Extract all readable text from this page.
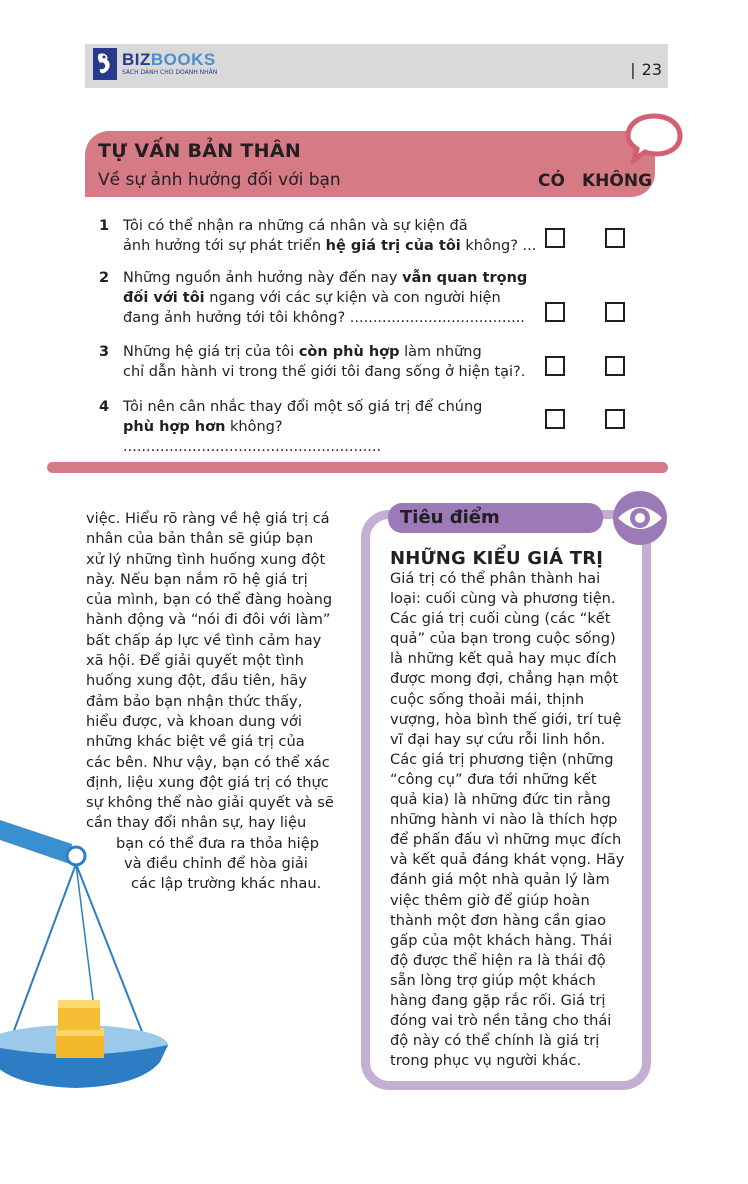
BIZBOOKS
SÁCH DÀNH CHO DOANH NHÂN	| 23
TỰ VẤN BẢN THÂN
Về sự ảnh hưởng đối với bạn	CÓ KHÔNG
1 Tôi có thể nhận ra những cá nhân và sự kiện đã
ảnh hưởng tới sự phát triển hệ giá trị của tôi không? ...
2 Những nguồn ảnh hưởng này đến nay vẫn quan trọng
đối với tôi ngang với các sự kiện và con người hiện
đang ảnh hưởng tới tôi không? ......................................
3 Những hệ giá trị của tôi còn phù hợp làm những
chỉ dẫn hành vi trong thế giới tôi đang sống ở hiện tại?.
4 Tôi nên cân nhắc thay đổi một số giá trị để chúng
phù hợp hơn không? ........................................................
việc. Hiểu rõ ràng về hệ giá trị cá
nhân của bản thân sẽ giúp bạn
xử lý những tình huống xung đột
này. Nếu bạn nắm rõ hệ giá trị
của mình, bạn có thể đàng hoàng
hành động và “nói đi đôi với làm”
bất chấp áp lực về tình cảm hay
xã hội. Để giải quyết một tình
huống xung đột, đầu tiên, hãy
đảm bảo bạn nhận thức thấy,
hiểu được, và khoan dung với
những khác biệt về giá trị của
các bên. Như vậy, bạn có thể xác
định, liệu xung đột giá trị có thực
sự không thể nào giải quyết và sẽ
cần thay đổi nhân sự, hay liệu
bạn có thể đưa ra thỏa hiệp
và điều chỉnh để hòa giải
các lập trường khác nhau.
Tiêu điểm
NHỮNG KIỂU GIÁ TRỊ
Giá trị có thể phân thành hai
loại: cuối cùng và phương tiện.
Các giá trị cuối cùng (các “kết
quả” của bạn trong cuộc sống)
là những kết quả hay mục đích
được mong đợi, chẳng hạn một
cuộc sống thoải mái, thịnh
vượng, hòa bình thế giới, trí tuệ
vĩ đại hay sự cứu rỗi linh hồn.
Các giá trị phương tiện (những
“công cụ” đưa tới những kết
quả kia) là những đức tin rằng
những hành vi nào là thích hợp
để phấn đấu vì những mục đích
và kết quả đáng khát vọng. Hãy
đánh giá một nhà quản lý làm
việc thêm giờ để giúp hoàn
thành một đơn hàng cần giao
gấp của một khách hàng. Thái
độ được thể hiện ra là thái độ
sẵn lòng trợ giúp một khách
hàng đang gặp rắc rối. Giá trị
đóng vai trò nền tảng cho thái
độ này có thể chính là giá trị
trong phục vụ người khác.
